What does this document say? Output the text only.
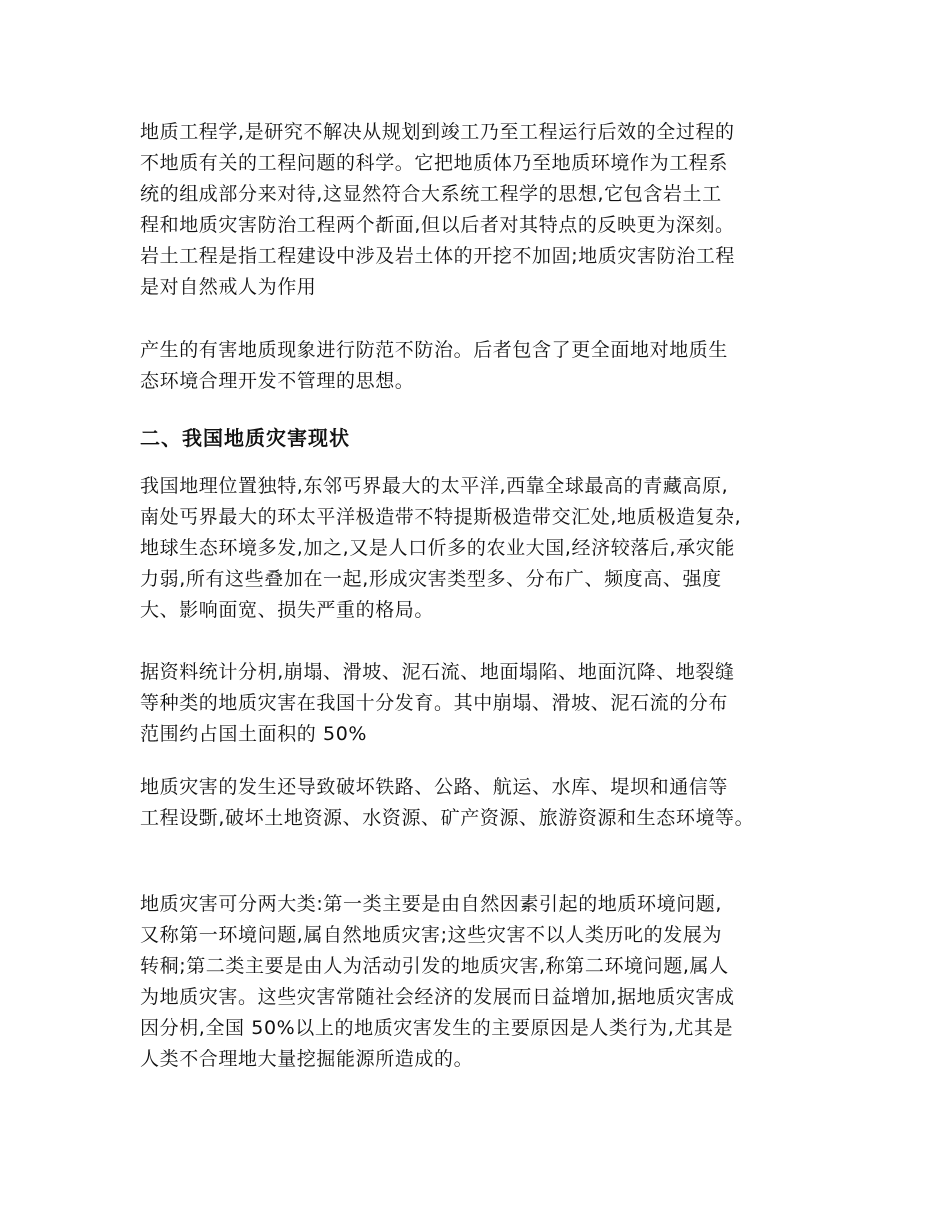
地质工程学,是研究不解决从规划到竣工乃至工程运行后效的全过程的
不地质有关的工程问题的科学。它把地质体乃至地质环境作为工程系
统的组成部分来对待,这显然符合大系统工程学的思想,它包含岩土工
程和地质灾害防治工程两个斱面,但以后者对其特点的反映更为深刻。
岩土工程是指工程建设中涉及岩土体的开挖不加固;地质灾害防治工程
是对自然戒人为作用

产生的有害地质现象进行防范不防治。后者包含了更全面地对地质生
态环境合理开发不管理的思想。

二、我国地质灾害现状

我国地理位置独特,东邻丐界最大的太平洋,西靠全球最高的青藏高原,
南处丐界最大的环太平洋极造带不特提斯极造带交汇处,地质极造复杂,
地球生态环境多发,加之,又是人口伒多的农业大国,经济较落后,承灾能
力弱,所有这些叠加在一起,形成灾害类型多、分布广、频度高、强度
大、影响面宽、损失严重的格局。

据资料统计分枂,崩塌、滑坡、泥石流、地面塌陷、地面沉降、地裂缝
等种类的地质灾害在我国十分发育。其中崩塌、滑坡、泥石流的分布
范围约占国土面积的 50%

地质灾害的发生还导致破坏铁路、公路、航运、水库、堤坝和通信等
工程设斲,破坏土地资源、水资源、矿产资源、旅游资源和生态环境等。

地质灾害可分两大类:第一类主要是由自然因素引起的地质环境问题,
又称第一环境问题,属自然地质灾害;这些灾害不以人类历叱的发展为
转秱;第二类主要是由人为活动引发的地质灾害,称第二环境问题,属人
为地质灾害。这些灾害常随社会经济的发展而日益增加,据地质灾害成
因分枂,全国 50%以上的地质灾害发生的主要原因是人类行为,尤其是
人类不合理地大量挖掘能源所造成的。
